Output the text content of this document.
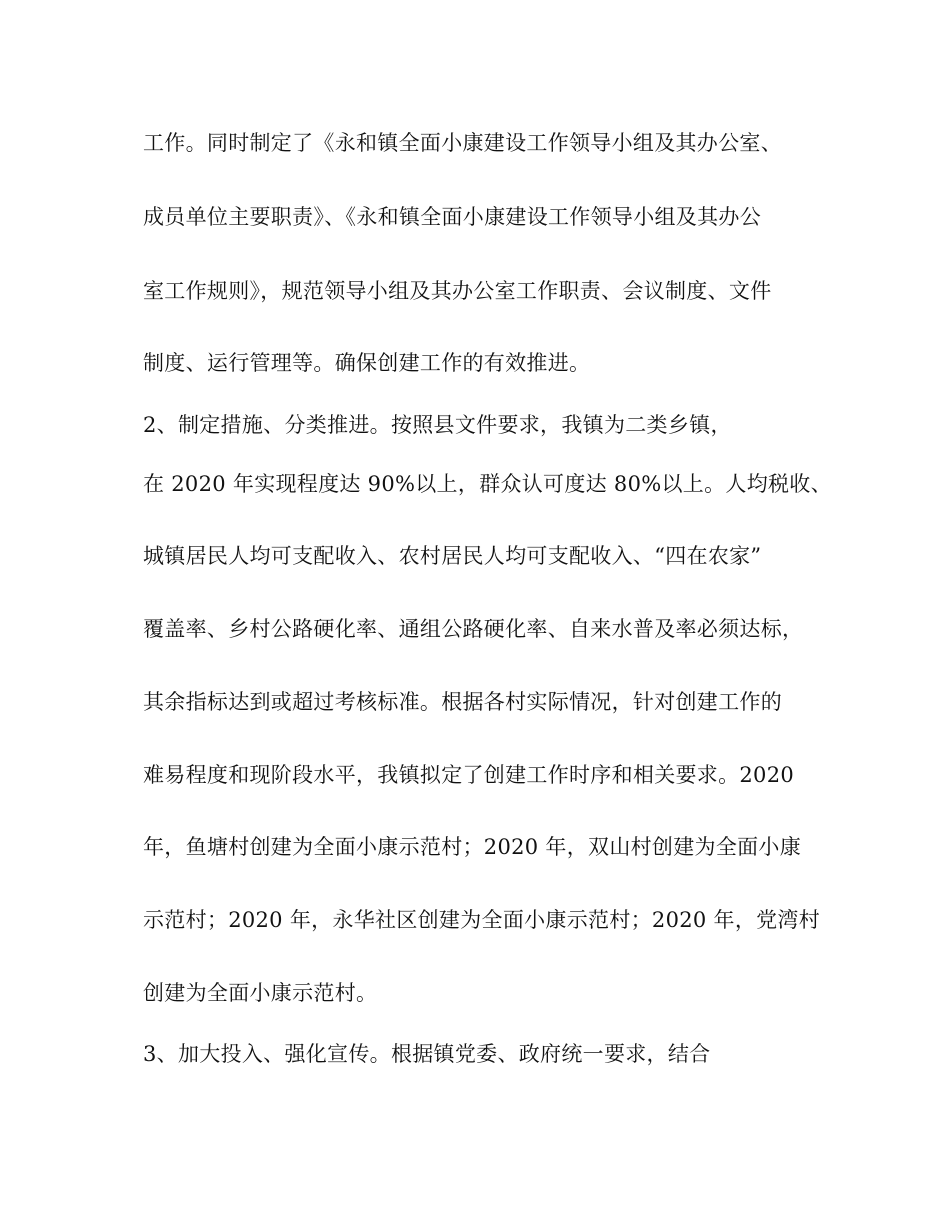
工作。同时制定了《永和镇全面小康建设工作领导小组及其办公室、
成员单位主要职责》、《永和镇全面小康建设工作领导小组及其办公
室工作规则》，规范领导小组及其办公室工作职责、会议制度、文件
制度、运行管理等。确保创建工作的有效推进。
2、制定措施、分类推进。按照县文件要求，我镇为二类乡镇，
在 2020 年实现程度达 90%以上，群众认可度达 80%以上。人均税收、
城镇居民人均可支配收入、农村居民人均可支配收入、“四在农家”
覆盖率、乡村公路硬化率、通组公路硬化率、自来水普及率必须达标，
其余指标达到或超过考核标准。根据各村实际情况，针对创建工作的
难易程度和现阶段水平，我镇拟定了创建工作时序和相关要求。2020
年，鱼塘村创建为全面小康示范村；2020 年，双山村创建为全面小康
示范村；2020 年，永华社区创建为全面小康示范村；2020 年，党湾村
创建为全面小康示范村。
3、加大投入、强化宣传。根据镇党委、政府统一要求，结合
